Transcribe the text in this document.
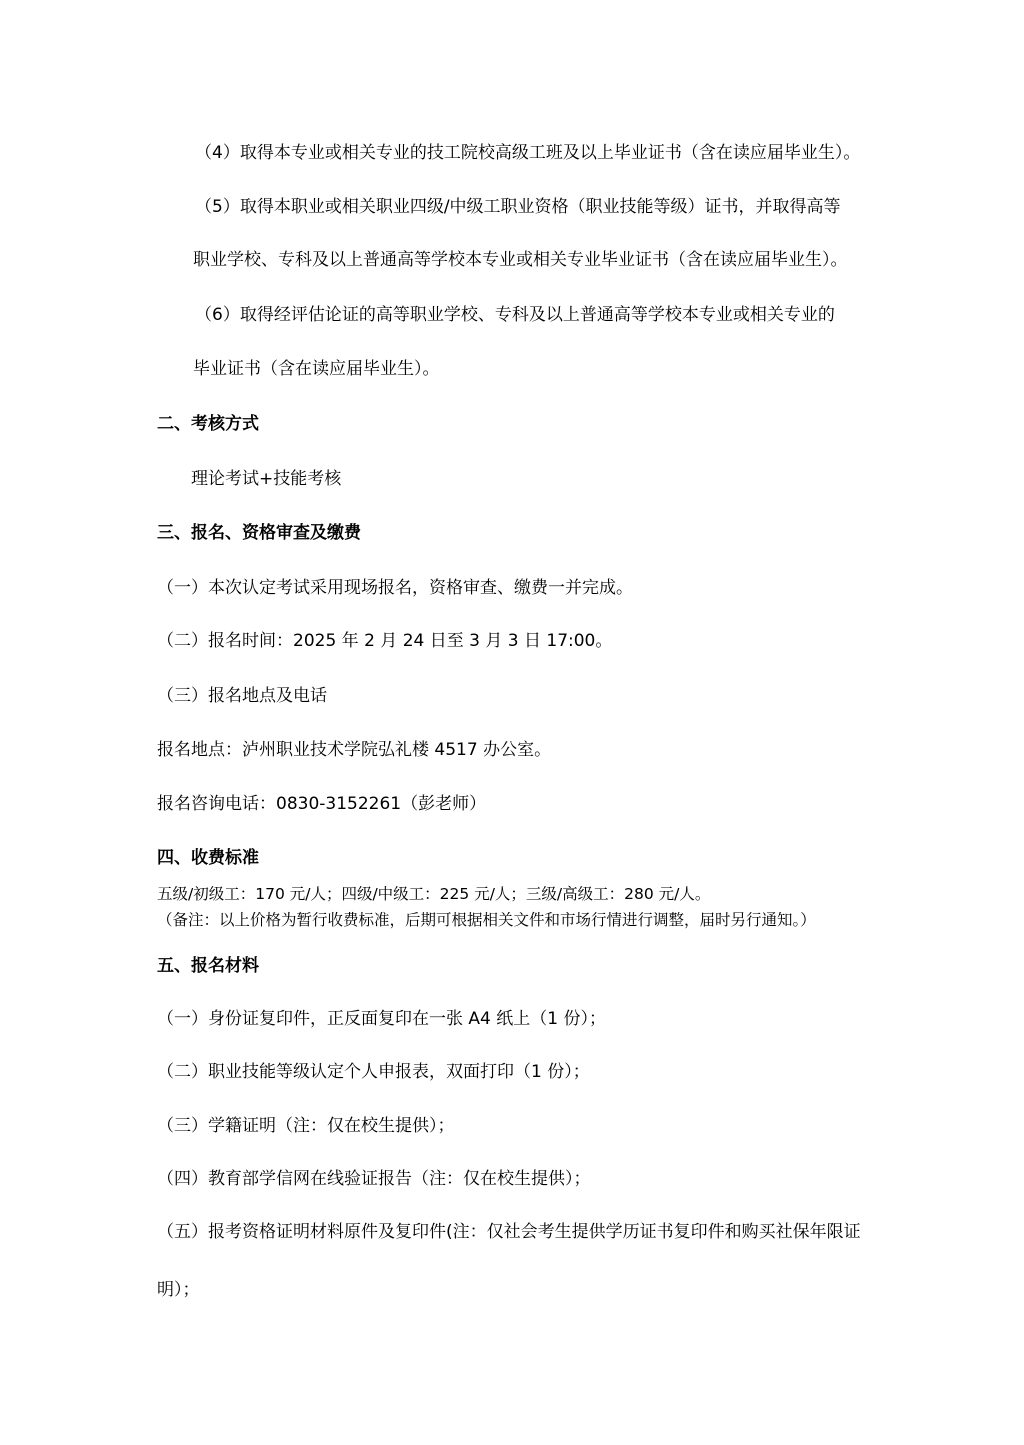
（4）取得本专业或相关专业的技工院校高级工班及以上毕业证书（含在读应届毕业生）。
（5）取得本职业或相关职业四级/中级工职业资格（职业技能等级）证书，并取得高等
职业学校、专科及以上普通高等学校本专业或相关专业毕业证书（含在读应届毕业生）。
（6）取得经评估论证的高等职业学校、专科及以上普通高等学校本专业或相关专业的
毕业证书（含在读应届毕业生）。
二、考核方式
理论考试+技能考核
三、报名、资格审查及缴费
（一）本次认定考试采用现场报名，资格审查、缴费一并完成。
（二）报名时间：2025 年 2 月 24 日至 3 月 3 日 17:00。
（三）报名地点及电话
报名地点：泸州职业技术学院弘礼楼 4517 办公室。
报名咨询电话：0830-3152261（彭老师）
四、收费标准
五级/初级工：170 元/人；四级/中级工：225 元/人；三级/高级工：280 元/人。
（备注：以上价格为暂行收费标准，后期可根据相关文件和市场行情进行调整，届时另行通知。）
五、报名材料
（一）身份证复印件，正反面复印在一张 A4 纸上（1 份）；
（二）职业技能等级认定个人申报表，双面打印（1 份）；
（三）学籍证明（注：仅在校生提供）；
（四）教育部学信网在线验证报告（注：仅在校生提供）；
（五）报考资格证明材料原件及复印件(注：仅社会考生提供学历证书复印件和购买社保年限证
明）；
